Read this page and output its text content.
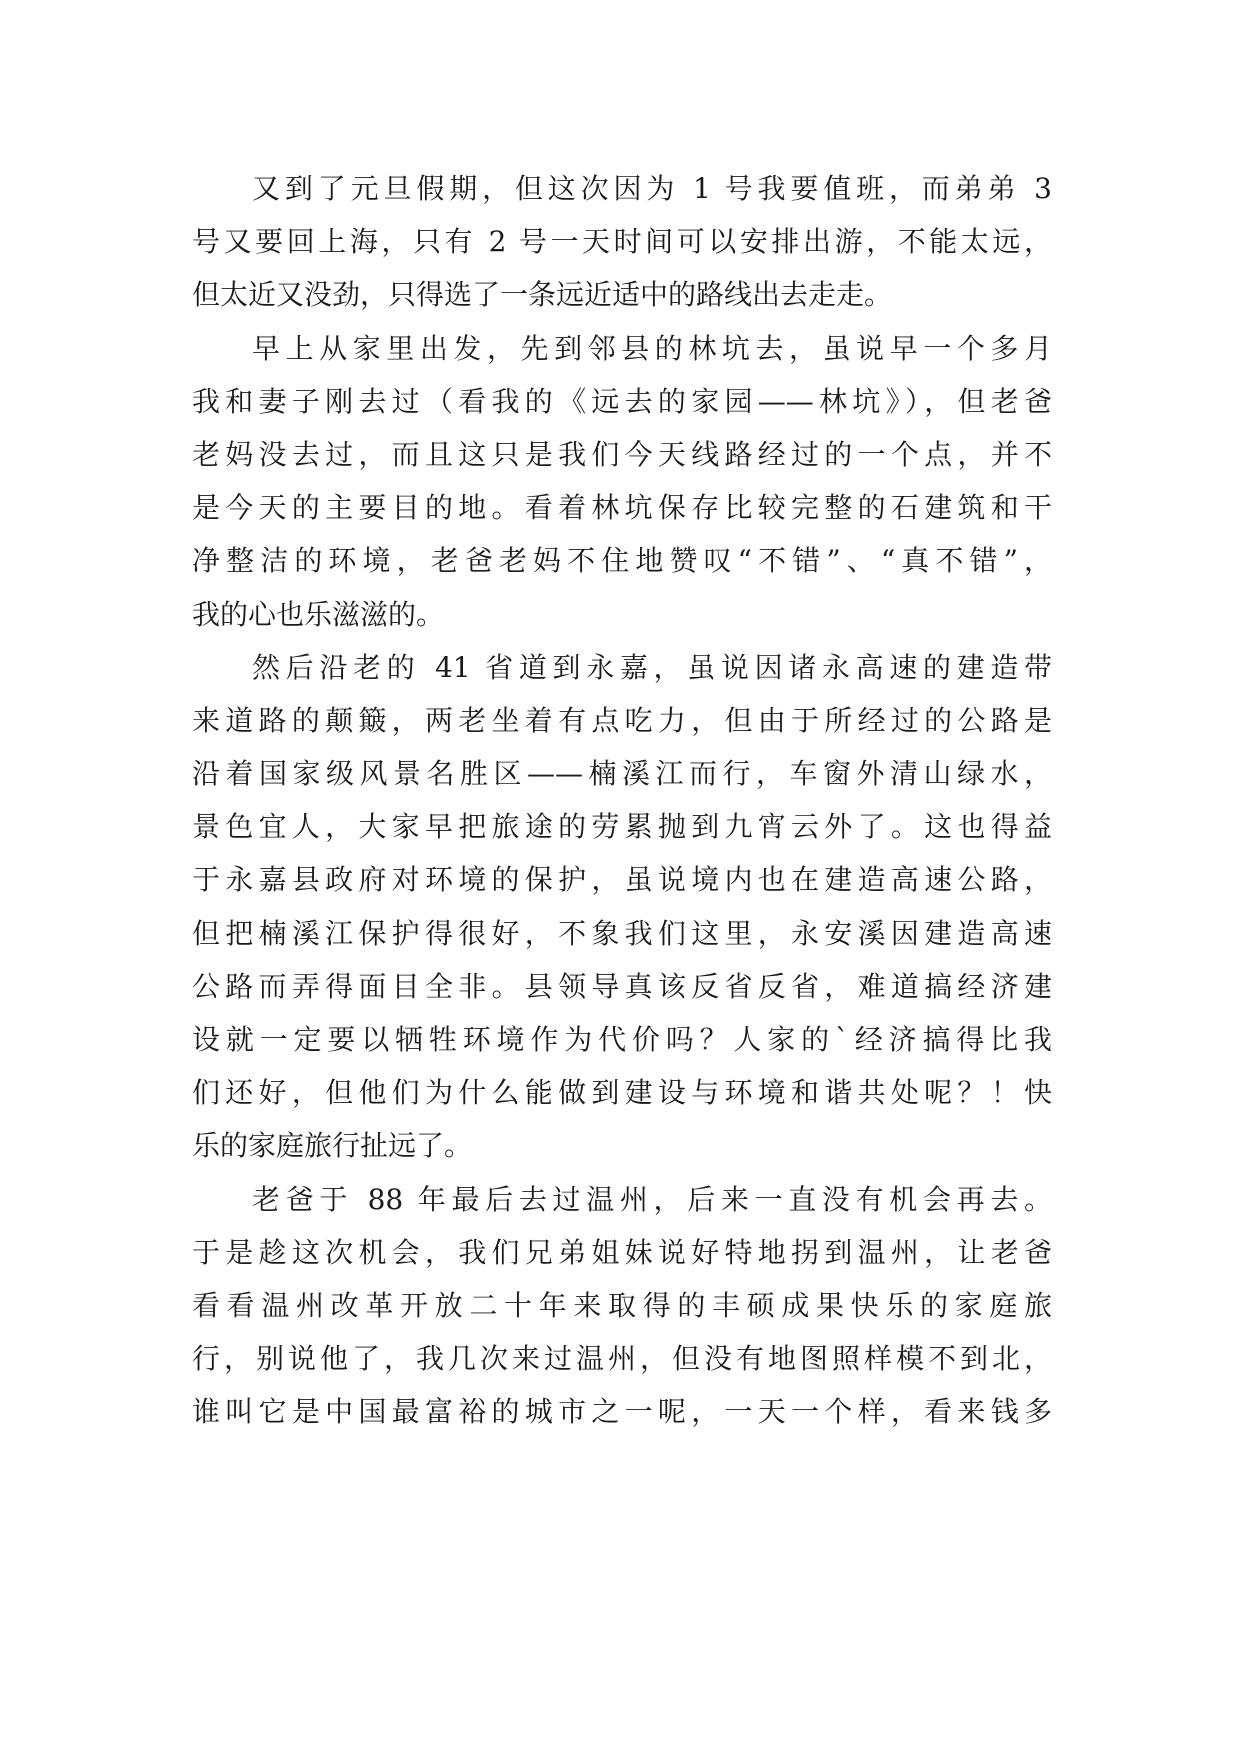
又到了元旦假期，但这次因为 1 号我要值班，而弟弟 3
号又要回上海，只有 2 号一天时间可以安排出游，不能太远，
但太近又没劲，只得选了一条远近适中的路线出去走走。
早上从家里出发，先到邻县的林坑去，虽说早一个多月
我和妻子刚去过（看我的《远去的家园——林坑》），但老爸
老妈没去过，而且这只是我们今天线路经过的一个点，并不
是今天的主要目的地。看着林坑保存比较完整的石建筑和干
净整洁的环境，老爸老妈不住地赞叹“不错”、“真不错”，
我的心也乐滋滋的。
然后沿老的 41 省道到永嘉，虽说因诸永高速的建造带
来道路的颠簸，两老坐着有点吃力，但由于所经过的公路是
沿着国家级风景名胜区——楠溪江而行，车窗外清山绿水，
景色宜人，大家早把旅途的劳累抛到九宵云外了。这也得益
于永嘉县政府对环境的保护，虽说境内也在建造高速公路，
但把楠溪江保护得很好，不象我们这里，永安溪因建造高速
公路而弄得面目全非。县领导真该反省反省，难道搞经济建
设就一定要以牺牲环境作为代价吗？人家的`经济搞得比我
们还好，但他们为什么能做到建设与环境和谐共处呢？！快
乐的家庭旅行扯远了。
老爸于 88 年最后去过温州，后来一直没有机会再去。
于是趁这次机会，我们兄弟姐妹说好特地拐到温州，让老爸
看看温州改革开放二十年来取得的丰硕成果快乐的家庭旅
行，别说他了，我几次来过温州，但没有地图照样模不到北，
谁叫它是中国最富裕的城市之一呢，一天一个样，看来钱多
